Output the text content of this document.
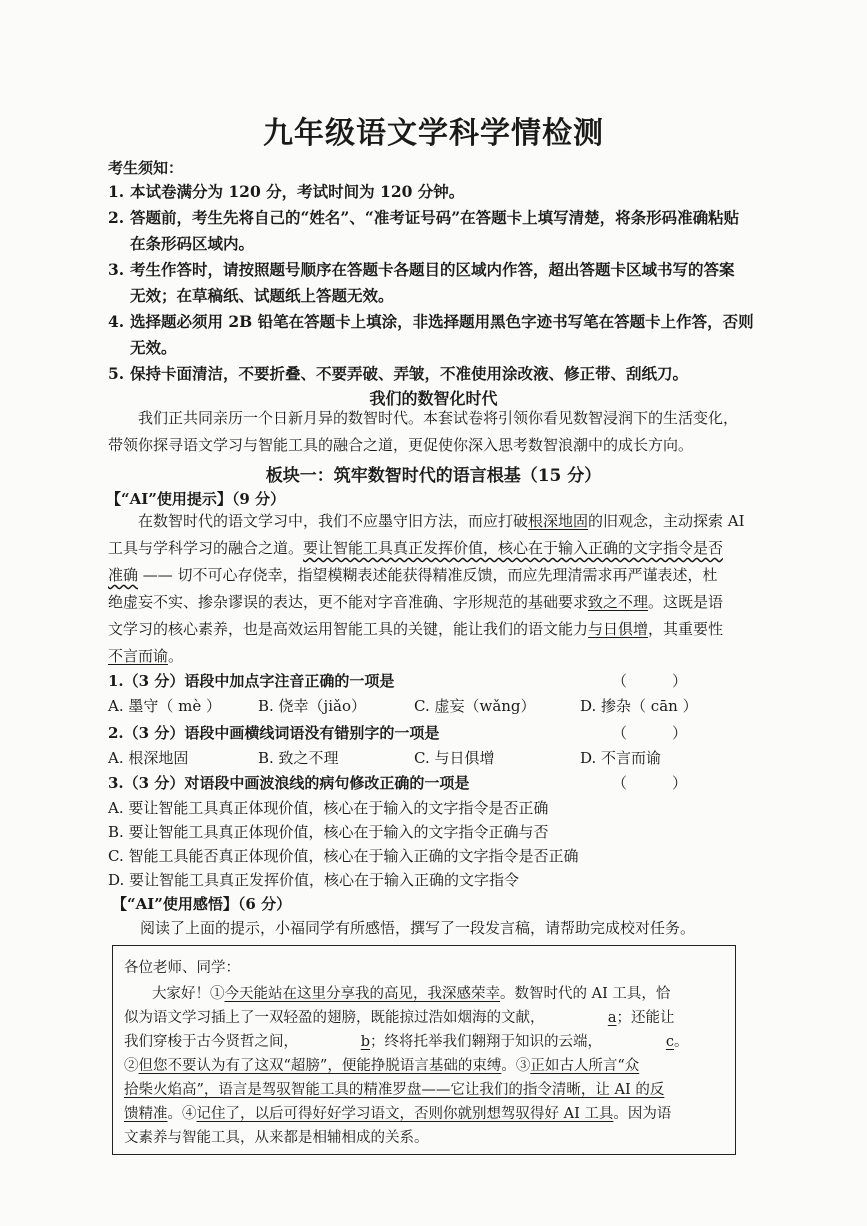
九年级语文学科学情检测
考生须知：
1. 本试卷满分为 120 分，考试时间为 120 分钟。
2. 答题前，考生先将自己的“姓名”、“准考证号码”在答题卡上填写清楚，将条形码准确粘贴
在条形码区域内。
3. 考生作答时，请按照题号顺序在答题卡各题目的区域内作答，超出答题卡区域书写的答案
无效；在草稿纸、试题纸上答题无效。
4. 选择题必须用 2B 铅笔在答题卡上填涂，非选择题用黑色字迹书写笔在答题卡上作答，否则
无效。
5. 保持卡面清洁，不要折叠、不要弄破、弄皱，不准使用涂改液、修正带、刮纸刀。
我们的数智化时代
我们正共同亲历一个日新月异的数智时代。本套试卷将引领你看见数智浸润下的生活变化，
带领你探寻语文学习与智能工具的融合之道，更促使你深入思考数智浪潮中的成长方向。
板块一：筑牢数智时代的语言根基（15 分）
【“AI”使用提示】（9 分）
在数智时代的语文学习中，我们不应墨守旧方法，而应打破根深地固的旧观念，主动探索 AI
工具与学科学习的融合之道。要让智能工具真正发挥价值，核心在于输入正确的文字指令是否
准确 —— 切不可心存侥幸，指望模糊表述能获得精准反馈，而应先理清需求再严谨表述，杜
绝虚妄不实、掺杂谬误的表达，更不能对字音准确、字形规范的基础要求致之不理。这既是语
文学习的核心素养，也是高效运用智能工具的关键，能让我们的语文能力与日俱增，其重要性
不言而谕。
1.（3 分）语段中加点字注音正确的一项是	（　　　）
A. 墨守（ mè ） B. 侥幸（jiǎo）	C. 虚妄（wǎng）	D. 掺杂（ cān ）
2.（3 分）语段中画横线词语没有错别字的一项是	（　　　）
A. 根深地固	B. 致之不理	C. 与日俱增	D. 不言而谕
3.（3 分）对语段中画波浪线的病句修改正确的一项是	（　　　）
A. 要让智能工具真正体现价值，核心在于输入的文字指令是否正确
B. 要让智能工具真正体现价值，核心在于输入的文字指令正确与否
C. 智能工具能否真正体现价值，核心在于输入正确的文字指令是否正确
D. 要让智能工具真正发挥价值，核心在于输入正确的文字指令
【“AI”使用感悟】（6 分）
阅读了上面的提示，小福同学有所感悟，撰写了一段发言稿，请帮助完成校对任务。
各位老师、同学：
大家好！①今天能站在这里分享我的高见，我深感荣幸。数智时代的 AI 工具，恰
似为语文学习插上了一双轻盈的翅膀，既能掠过浩如烟海的文献，	a；还能让
我们穿梭于古今贤哲之间，	b；终将托举我们翱翔于知识的云端，	c。
②但您不要认为有了这双“超膀”，便能挣脱语言基础的束缚。③正如古人所言“众
拾柴火焰高”，语言是驾驭智能工具的精准罗盘——它让我们的指令清晰，让 AI 的反
馈精准。④记住了，以后可得好好学习语文，否则你就别想驾驭得好 AI 工具。因为语
文素养与智能工具，从来都是相辅相成的关系。
